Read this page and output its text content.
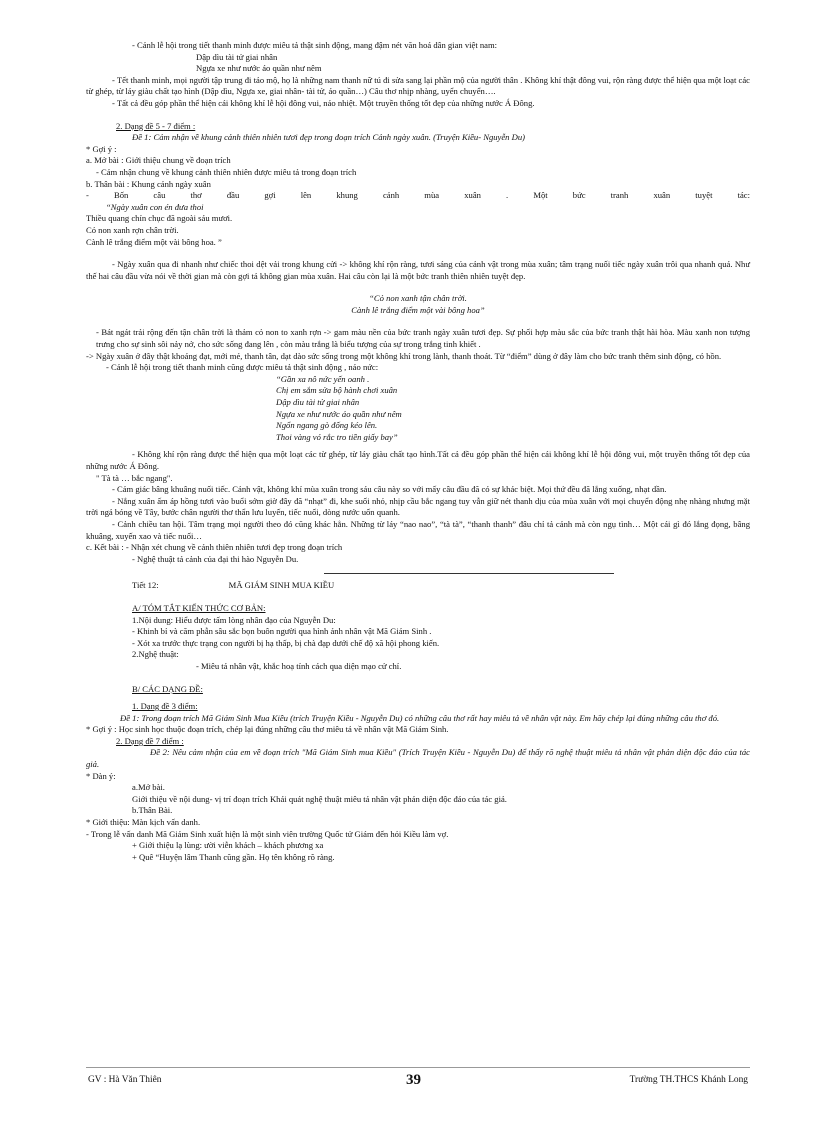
- Cảnh lễ hội trong tiết thanh minh được miêu tả thật sinh động, mang đậm nét văn hoá dân gian việt nam:

Dập dìu tài tử giai nhân

Ngựa xe như nước áo quần như nêm

- Tết thanh minh, mọi người tập trung đi tảo mộ, họ là những nam thanh nữ tú đi sửa sang lại phần mộ của người thân . Không khí thật đông vui, rộn ràng được thể hiện qua một loạt các từ ghép, từ láy giàu chất tạo hình (Dập dìu, Ngựa xe, giai nhân- tài tử, áo quần…) Câu thơ nhịp nhàng, uyển chuyển….

- Tất cả đều góp phần thể hiện cái không khí lễ hội đông vui, náo nhiệt. Một truyền thống tốt đẹp của những nước Á Đông.

2. Dạng đề 5 - 7 điểm :

Đề 1: Cảm nhận về khung cảnh thiên nhiên tươi đẹp trong đoạn trích Cảnh ngày xuân. (Truyện Kiều- Nguyễn Du)

* Gợi ý :

a. Mở bài : Giới thiệu chung về đoạn trích

- Cảm nhận chung về khung cảnh thiên nhiên được miêu tả trong đoạn trích

b. Thân bài : Khung cảnh ngày xuân

- Bốn câu thơ đầu gợi lên khung cảnh mùa xuân . Một bức tranh xuân tuyệt tác:

“Ngày xuân con én đưa thoi

Thiều quang chín chục đã ngoài sáu mươi.

Cỏ non xanh rợn chân trời.

Cành lê trắng điểm một vài bông hoa. ”

- Ngày xuân qua đi nhanh như chiếc thoi dệt vải trong khung cửi -> không khí rộn ràng, tươi sáng của cảnh vật trong mùa xuân; tâm trạng nuối tiếc ngày xuân trôi qua nhanh quá. Như thế hai câu đầu vừa nói về thời gian mà còn gợi tả không gian mùa xuân. Hai câu còn lại là một bức tranh thiên nhiên tuyệt đẹp.

“Cỏ non xanh tận chân trời.

Cành lê trắng điểm một vài bông hoa”

- Bát ngát trải rộng đến tận chân trời là thảm cỏ non to xanh rợn -> gam màu nền của bức tranh ngày xuân tươi đẹp. Sự phối hợp màu sắc của bức tranh thật hài hòa. Màu xanh non tượng trưng cho sự sinh sôi nảy nở, cho sức sống đang lên , còn màu trắng là biểu tượng của sự trong trắng tinh khiết .

-> Ngày xuân ở đây thật khoáng đạt, mới mẻ, thanh tân, dạt dào sức sống trong một không khí trong lành, thanh thoát. Từ “điểm” dùng ở đây làm cho bức tranh thêm sinh động, có hồn.

- Cảnh lễ hội trong tiết thanh minh cũng được miêu tả thật sinh động , náo nức:

“Gần xa nô nức yến oanh .

Chị em sắm sửa bộ hành chơi xuân

Dập dìu tài tử giai nhân

Ngựa xe như nước áo quần như nêm

Ngổn ngang gò đống kéo lên.

Thoi vàng vó rắc tro tiền giấy bay”

- Không khí rộn ràng được thể hiện qua một loạt các từ ghép, từ láy giàu chất tạo hình.Tất cả đều góp phần thể hiện cái không khí lễ hội đông vui, một truyền thống tốt đẹp của những nước Á Đông.

" Tà tà … bắc ngang".

- Cảm giác bâng khuâng nuối tiếc. Cảnh vật, không khí mùa xuân trong sáu câu này so với mấy câu đầu đã có sự khác biệt. Mọi thứ đều đã lắng xuống, nhạt dần.

- Nắng xuân ấm áp hồng tươi vào buổi sớm giờ đây đã “nhạt” đi, khe suối nhỏ, nhịp cầu bắc ngang tuy vẫn giữ nét thanh dịu của mùa xuân với mọi chuyển động nhẹ nhàng nhưng mặt trời ngả bóng về Tây, bước chân người thơ thẩn lưu luyến, tiếc nuối, dòng nước uốn quanh.

- Cảnh chiều tan hội. Tâm trạng mọi người theo đó cũng khác hẳn. Những từ láy “nao nao”, “tà tà”, “thanh thanh” đâu chỉ tả cảnh mà còn ngụ tình… Một cái gì đó lắng đọng, bâng khuâng, xuyến xao và tiếc nuối…

c. Kết bài : - Nhận xét chung về cảnh thiên nhiên tươi đẹp trong đoạn trích

- Nghệ thuật tả cảnh của đại thi hào Nguyễn Du.

Tiết 12:	MÃ GIÁM SINH MUA KIỀU

A/ TÓM TẮT KIẾN THỨC CƠ BẢN:

1.Nội dung: Hiểu được tấm lòng nhân đạo của Nguyễn Du:

- Khinh bỉ và căm phẫn sâu sắc bọn buôn người qua hình ảnh nhân vật Mã Giám Sinh .

- Xót xa trước thực trạng con người bị hạ thấp, bị chà đạp dưới chế độ xã hội phong kiến.

2.Nghệ thuật:

- Miêu tả nhân vật, khắc hoạ tính cách qua diện mạo cử chỉ.

B/ CÁC DẠNG ĐỀ:

1. Dạng đề 3 điểm:

Đề 1: Trong đoạn trích Mã Giám Sinh Mua Kiều (trích Truyện Kiều - Nguyễn Du) có những câu thơ rất hay miêu tả về nhân vật này. Em hãy chép lại đúng những câu thơ đó.

* Gợi ý : Học sinh học thuộc đoạn trích, chép lại đúng những câu thơ miêu tả về nhân vật Mã Giám Sinh.

2. Dạng đề 7 điểm :

Đề 2: Nêu cảm nhận của em về đoạn trích "Mã Giám Sinh mua Kiều" (Trích Truyện Kiều - Nguyễn Du) để thấy rõ nghệ thuật miêu tả nhân vật phản diện độc đáo của tác giả.

* Dàn ý:

a.Mở bài.

Giới thiệu về nội dung- vị trí đoạn trích Khái quát nghệ thuật miêu tả nhân vật phản diện độc đáo của tác giả.

b.Thân Bài.

* Giới thiệu: Màn kịch vấn danh.

- Trong lễ vấn danh Mã Giám Sinh xuất hiện là một sinh viên trường Quốc tử Giám đến hỏi Kiều làm vợ.

+ Giới thiệu lạ lùng: ười viễn khách – khách phương xa

+ Quê “Huyện lâm Thanh cũng gần. Họ tên không rõ ràng.

GV : Hà Văn Thiên	39	Trường TH.THCS Khánh Long
